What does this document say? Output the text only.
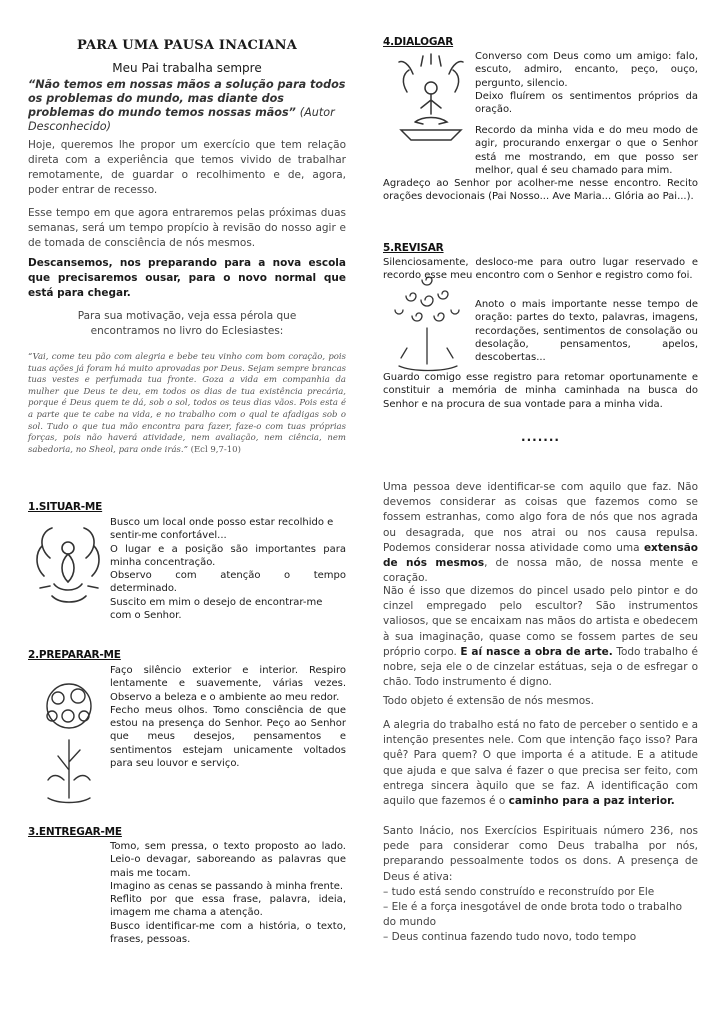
PARA UMA PAUSA INACIANA
Meu Pai trabalha sempre
“Não temos em nossas mãos a solução para todos os problemas do mundo, mas diante dos problemas do mundo temos nossas mãos” (Autor Desconhecido)
Hoje, queremos lhe propor um exercício que tem relação direta com a experiência que temos vivido de trabalhar remotamente, de guardar o recolhimento e de, agora, poder entrar de recesso.
Esse tempo em que agora entraremos pelas próximas duas semanas, será um tempo propício à revisão do nosso agir e de tomada de consciência de nós mesmos.
Descansemos, nos preparando para a nova escola que precisaremos ousar, para o novo normal que está para chegar.
Para sua motivação, veja essa pérola que encontramos no livro do Eclesiastes:
“Vai, come teu pão com alegria e bebe teu vinho com bom coração, pois tuas ações já foram há muito aprovadas por Deus. Sejam sempre brancas tuas vestes e perfumada tua fronte. Goza a vida em companhia da mulher que Deus te deu, em todos os dias de tua existência precária, porque é Deus quem te dá, sob o sol, todos os teus dias vãos. Pois esta é a parte que te cabe na vida, e no trabalho com o qual te afadigas sob o sol. Tudo o que tua mão encontra para fazer, faze-o com tuas próprias forças, pois não haverá atividade, nem avaliação, nem ciência, nem sabedoria, no Sheol, para onde irás.” (Ecl 9,7-10)
1.SITUAR-ME

Busco um local onde posso estar recolhido e sentir-me confortável...

O lugar e a posição são importantes para minha concentração.

Observo com atenção o tempo determinado.

Suscito em mim o desejo de encontrar-me com o Senhor.

2.PREPARAR-ME

Faço silêncio exterior e interior. Respiro lentamente e suavemente, várias vezes. Observo a beleza e o ambiente ao meu redor.

Fecho meus olhos. Tomo consciência de que estou na presença do Senhor. Peço ao Senhor que meus desejos, pensamentos e sentimentos estejam unicamente voltados para seu louvor e serviço.

3.ENTREGAR-ME

Tomo, sem pressa, o texto proposto ao lado. Leio-o devagar, saboreando as palavras que mais me tocam.

Imagino as cenas se passando à minha frente.

Reflito por que essa frase, palavra, ideia, imagem me chama a atenção.

Busco identificar-me com a história, o texto, frases, pessoas.

4.DIALOGAR

Converso com Deus como um amigo: falo, escuto, admiro, encanto, peço, ouço, pergunto, silencio.

Deixo fluírem os sentimentos próprios da oração.

Recordo da minha vida e do meu modo de agir, procurando enxergar o que o Senhor está me mostrando, em que posso ser melhor, qual é seu chamado para mim.

Agradeço ao Senhor por acolher-me nesse encontro. Recito orações devocionais (Pai Nosso... Ave Maria... Glória ao Pai...).

5.REVISAR

Silenciosamente, desloco-me para outro lugar reservado e recordo esse meu encontro com o Senhor e registro como foi.

Anoto o mais importante nesse tempo de oração: partes do texto, palavras, imagens, recordações, sentimentos de consolação ou desolação, pensamentos, apelos, descobertas...

Guardo comigo esse registro para retomar oportunamente e constituir a memória de minha caminhada na busca do Senhor e na procura de sua vontade para a minha vida.

.......
Uma pessoa deve identificar-se com aquilo que faz. Não devemos considerar as coisas que fazemos como se fossem estranhas, como algo fora de nós que nos agrada ou desagrada, que nos atrai ou nos causa repulsa. Podemos considerar nossa atividade como uma extensão de nós mesmos, de nossa mão, de nossa mente e coração.
Não é isso que dizemos do pincel usado pelo pintor e do cinzel empregado pelo escultor? São instrumentos valiosos, que se encaixam nas mãos do artista e obedecem à sua imaginação, quase como se fossem partes de seu próprio corpo. E aí nasce a obra de arte. Todo trabalho é nobre, seja ele o de cinzelar estátuas, seja o de esfregar o chão. Todo instrumento é digno.
Todo objeto é extensão de nós mesmos.
A alegria do trabalho está no fato de perceber o sentido e a intenção presentes nele. Com que intenção faço isso? Para quê? Para quem? O que importa é a atitude. E a atitude que ajuda e que salva é fazer o que precisa ser feito, com entrega sincera àquilo que se faz. A identificação com aquilo que fazemos é o caminho para a paz interior.
Santo Inácio, nos Exercícios Espirituais número 236, nos pede para considerar como Deus trabalha por nós, preparando pessoalmente todos os dons. A presença de Deus é ativa:
– tudo está sendo construído e reconstruído por Ele
– Ele é a força inesgotável de onde brota todo o trabalho do mundo
– Deus continua fazendo tudo novo, todo tempo
